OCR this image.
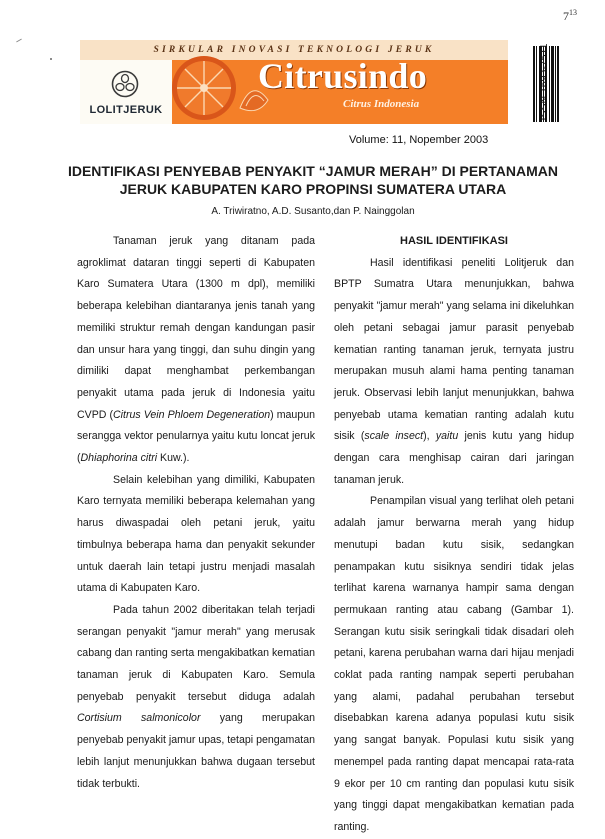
$7^{13}$
SIRKULAR INOVASI TEKNOLOGI JERUK
LOLITJERUK
Citrusindo
Citrus Indonesia
Volume: 11, Nopember 2003
IDENTIFIKASI PENYEBAB PENYAKIT “JAMUR MERAH” DI PERTANAMAN
JERUK KABUPATEN KARO PROPINSI SUMATERA UTARA
A. Triwiratno, A.D. Susanto,dan P. Nainggolan

Tanaman jeruk yang ditanam pada agroklimat dataran tinggi seperti di Kabupaten Karo Sumatera Utara (1300 m dpl), memiliki beberapa kelebihan diantaranya jenis tanah yang memiliki struktur remah dengan kandungan pasir dan unsur hara yang tinggi, dan suhu dingin yang dimiliki dapat menghambat perkembangan penyakit utama pada jeruk di Indonesia yaitu CVPD (Citrus Vein Phloem Degeneration) maupun serangga vektor penularnya yaitu kutu loncat jeruk (Dhiaphorina citri Kuw.).

Selain kelebihan yang dimiliki, Kabupaten Karo ternyata memiliki beberapa kelemahan yang harus diwaspadai oleh petani jeruk, yaitu timbulnya beberapa hama dan penyakit sekunder untuk daerah lain tetapi justru menjadi masalah utama di Kabupaten Karo.

Pada tahun 2002 diberitakan telah terjadi serangan penyakit "jamur merah" yang merusak cabang dan ranting serta mengakibatkan kematian tanaman jeruk di Kabupaten Karo. Semula penyebab penyakit tersebut diduga adalah Cortisium salmonicolor yang merupakan penyebab penyakit jamur upas, tetapi pengamatan lebih lanjut menunjukkan bahwa dugaan tersebut tidak terbukti.

HASIL IDENTIFIKASI

Hasil identifikasi peneliti Lolitjeruk dan BPTP Sumatra Utara menunjukkan, bahwa penyakit "jamur merah" yang selama ini dikeluhkan oleh petani sebagai jamur parasit penyebab kematian ranting tanaman jeruk, ternyata justru merupakan musuh alami hama penting tanaman jeruk. Observasi lebih lanjut menunjukkan, bahwa penyebab utama kematian ranting adalah kutu sisik (scale insect), yaitu jenis kutu yang hidup dengan cara menghisap cairan dari jaringan tanaman jeruk.

Penampilan visual yang terlihat oleh petani adalah jamur berwarna merah yang hidup menutupi badan kutu sisik, sedangkan penampakan kutu sisiknya sendiri tidak jelas terlihat karena warnanya hampir sama dengan permukaan ranting atau cabang (Gambar 1). Serangan kutu sisik seringkali tidak disadari oleh petani, karena perubahan warna dari hijau menjadi coklat pada ranting nampak seperti perubahan yang alami, padahal perubahan tersebut disebabkan karena adanya populasi kutu sisik yang sangat banyak. Populasi kutu sisik yang menempel pada ranting dapat mencapai rata-rata 9 ekor per 10 cm ranting dan populasi kutu sisik yang tinggi dapat mengakibatkan kematian pada ranting.
